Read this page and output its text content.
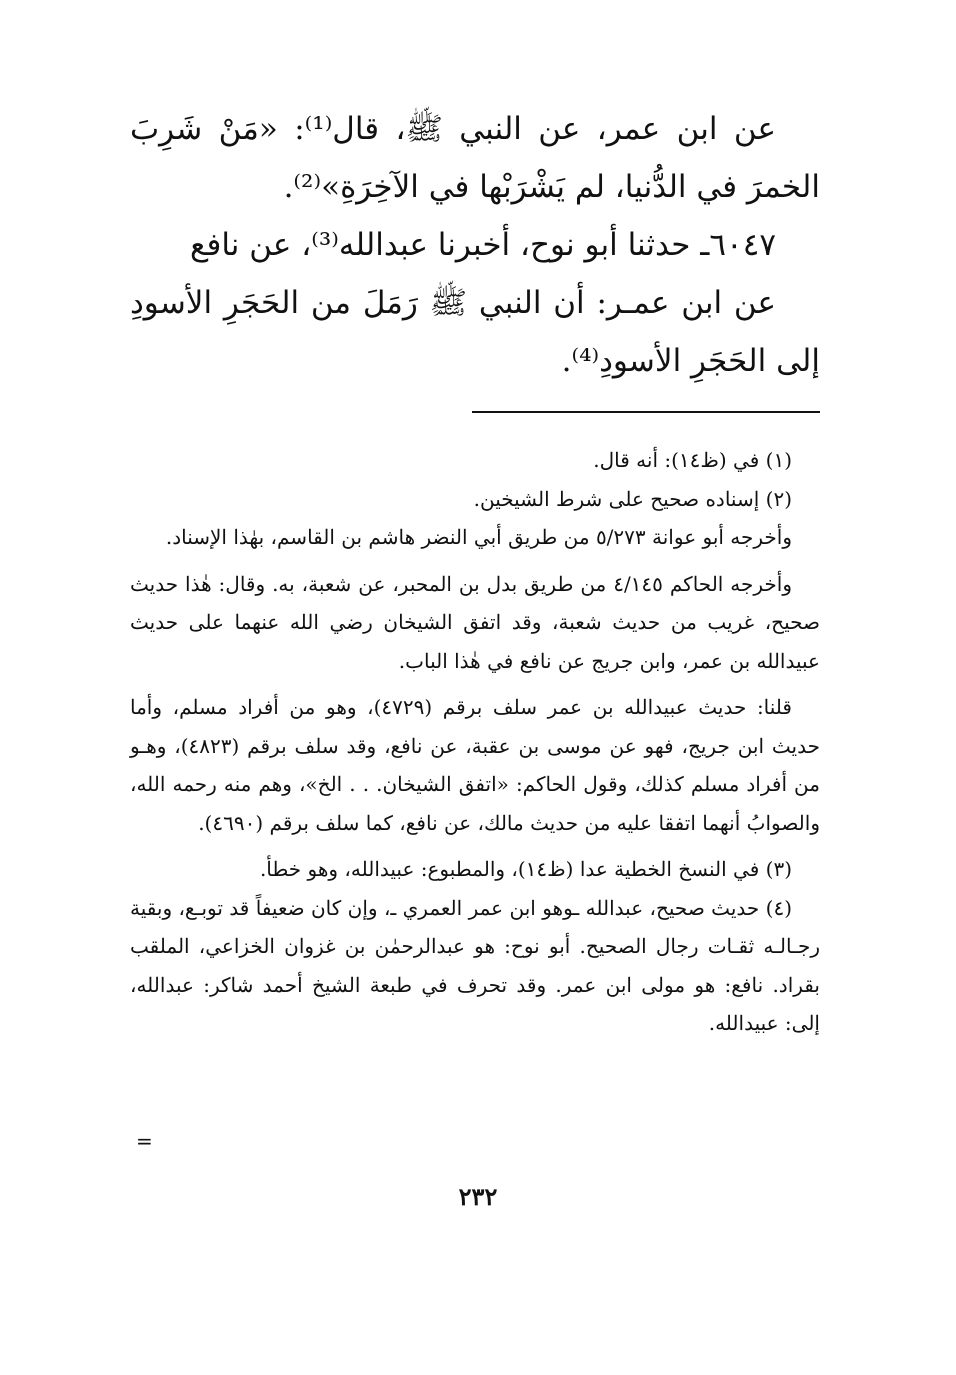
عن ابن عمر، عن النبي ﷺ، قال⁽¹⁾: «مَنْ شَرِبَ الخمرَ في الدُّنيا، لم يَشْرَبْها في الآخِرَةِ»⁽²⁾.

٦٠٤٧ـ حدثنا أبو نوح، أخبرنا عبدالله⁽³⁾، عن نافع

عن ابن عمـر: أن النبي ﷺ رَمَلَ من الحَجَرِ الأسودِ إلى الحَجَرِ الأسودِ⁽⁴⁾.

(١) في (ظ١٤): أنه قال.

(٢) إسناده صحيح على شرط الشيخين.

وأخرجه أبو عوانة ٥/٢٧٣ من طريق أبي النضر هاشم بن القاسم، بهٰذا الإسناد.

وأخرجه الحاكم ٤/١٤٥ من طريق بدل بن المحبر، عن شعبة، به. وقال: هٰذا حديث صحيح، غريب من حديث شعبة، وقد اتفق الشيخان رضي الله عنهما على حديث عبيدالله بن عمر، وابن جريج عن نافع في هٰذا الباب.

قلنا: حديث عبيدالله بن عمر سلف برقم (٤٧٢٩)، وهو من أفراد مسلم، وأما حديث ابن جريج، فهو عن موسى بن عقبة، عن نافع، وقد سلف برقم (٤٨٢٣)، وهـو من أفراد مسلم كذلك، وقول الحاكم: «اتفق الشيخان. . . الخ»، وهم منه رحمه الله، والصوابُ أنهما اتفقا عليه من حديث مالك، عن نافع، كما سلف برقم (٤٦٩٠).

(٣) في النسخ الخطية عدا (ظ١٤)، والمطبوع: عبيدالله، وهو خطأ.

(٤) حديث صحيح، عبدالله ـوهو ابن عمر العمري ـ، وإن كان ضعيفاً قد توبـع، وبقية رجـالـه ثقـات رجال الصحيح. أبو نوح: هو عبدالرحمٰن بن غزوان الخزاعي، الملقب بقراد. نافع: هو مولى ابن عمر. وقد تحرف في طبعة الشيخ أحمد شاكر: عبدالله، إلى: عبيدالله.

=
٢٣٢
